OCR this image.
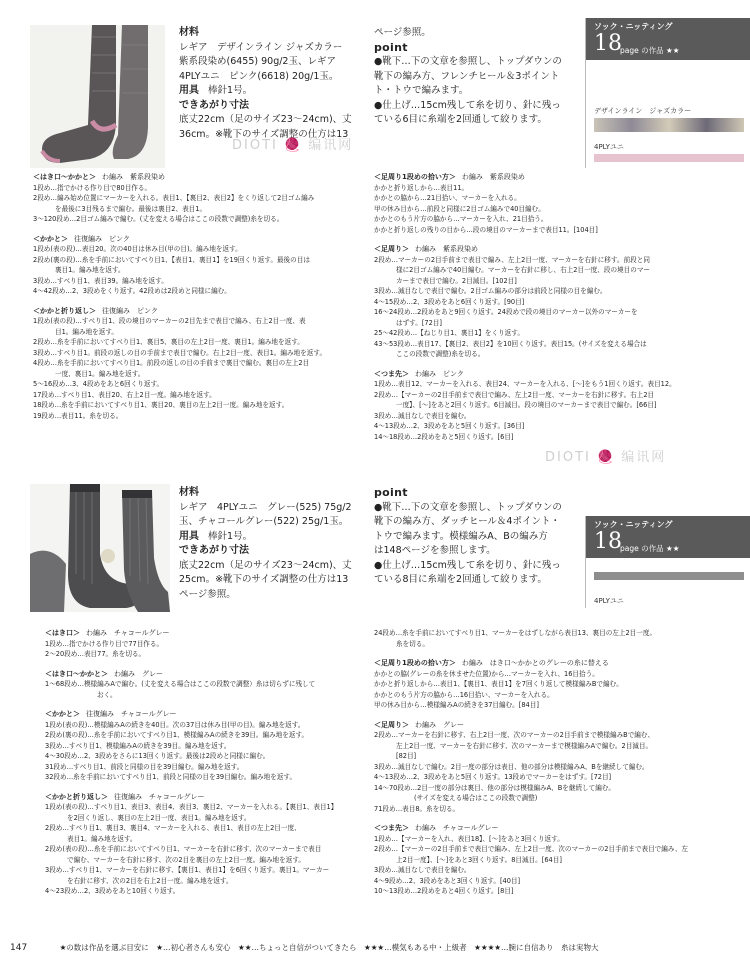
材料
レギア　デザインライン ジャズカラー
紫系段染め(6455) 90g/2玉、レギア
4PLYユニ　ピンク(6618) 20g/1玉。
用具 棒針1号。
できあがり寸法
底丈22cm（足のサイズ23～24cm)、丈
36cm。※靴下のサイズ調整の仕方は13
ページ参照。
point
●靴下…下の文章を参照し、トップダウンの
靴下の編み方、フレンチヒール＆3ポイント
ト・トウで編みます。
●仕上げ…15cm残して糸を切り、針に残っ
ている6目に糸端を2回通して絞ります。
ソック・ニッティング
18
page の作品 ★★
デザインライン　ジャズカラー
4PLYユニ
DIOTI 🧶 编讯网
＜はき口～かかと＞ わ編み　紫系段染め
1段め…指でかける作り目で80目作る。
2段め…編み始め位置にマーカーを入れる。表目1、【裏目2、表目2】をくり返して2目ゴム編み
を最後に3目残るまで編む。最後は裏目2、表目1。
3～120段め…2目ゴム編みで編む。(丈を変える場合はここの段数で調整)糸を切る。
＜かかと＞ 往復編み　ピンク
1段め(表の段)…表目20。次の40目は休み目(甲の目)。編み地を返す。
2段め(裏の段)…糸を手前においてすべり目1、【表目1、裏目1】を19回くり返す。最後の目は
裏目1。編み地を返す。
3段め…すべり目1、表目39。編み地を返す。
4～42段め…2、3段めをくり返す。42段めは2段めと同様に編む。
＜かかと折り返し＞ 往復編み　ピンク
1段め(表の段)…すべり目1、段の境目のマーカーの2目先まで表目で編み、右上2目一度、表
目1。編み地を返す。
2段め…糸を手前においてすべり目1、裏目5、裏目の左上2目一度、裏目1。編み地を返す。
3段め…すべり目1。前段の返しの目の手前まで表目で編む。右上2目一度、表目1。編み地を返す。
4段め…糸を手前においてすべり目1。前段の返しの目の手前まで裏目で編む。裏目の左上2目
一度、裏目1。編み地を返す。
5～16段め…3、4段めをあと6回くり返す。
17段め…すべり目1、表目20、右上2目一度。編み地を返す。
18段め…糸を手前においてすべり目1、裏目20、裏目の左上2目一度。編み地を返す。
19段め…表目11。糸を切る。
＜足周り1段めの拾い方＞ わ編み　紫系段染め
かかと折り返しから…表目11。
かかとの脇から…21目拾い、マーカーを入れる。
甲の休み目から…前段と同様に2目ゴム編みで40目編む。
かかとのもう片方の脇から…マーカーを入れ、21目拾う。
かかと折り返しの残りの目から…段の境目のマーカーまで表目11。[104目]
＜足周り＞ わ編み　紫系段染め
2段め…マーカーの2目手前まで表目で編み、左上2目一度、マーカーを右針に移す。前段と同
様に2目ゴム編みで40目編む。マーカーを右針に移し、右上2目一度、段の境目のマー
カーまで表目で編む。2目減目。[102目]
3段め…減目なしで表目で編む。2目ゴム編みの部分は前段と同様の目を編む。
4～15段め…2、3段めをあと6回くり返す。[90目]
16～24段め…2段めをあと9回くり返す。24段めで段の境目のマーカー以外のマーカーを
はずす。[72目]
25～42段め…【ねじり目1、裏目1】をくり返す。
43～53段め…表目17、【裏目2、表目2】を10回くり返す。表目15。(サイズを変える場合は
ここの段数で調整)糸を切る。
＜つま先＞ わ編み　ピンク
1段め…表目12、マーカーを入れる、表目24、マーカーを入れる、[～]をもう1回くり返す。表目12。
2段め…【マーカーの2目手前まで表目で編み、左上2目一度、マーカーを右針に移す。右上2目
一度】、[～]をあと2回くり返す。6目減目。段の境目のマーカーまで表目で編む。[66目]
3段め…減目なしで表目を編む。
4～13段め…2、3段めをあと5回くり返す。[36目]
14～18段め…2段めをあと5回くり返す。[6目]
DIOTI 🧶 编讯网
材料
レギア　4PLYユニ　グレー(525) 75g/2
玉、チャコールグレー(522) 25g/1玉。
用具 棒針1号。
できあがり寸法
底丈22cm（足のサイズ23～24cm)、丈
25cm。※靴下のサイズ調整の仕方は13
ページ参照。
point
●靴下…下の文章を参照し、トップダウンの
靴下の編み方、ダッチヒール＆4ポイント・
トウで編みます。模様編みA、Bの編み方
は148ページを参照します。
●仕上げ…15cm残して糸を切り、針に残っ
ている8目に糸端を2回通して絞ります。
ソック・ニッティング
18
page の作品 ★★
4PLYユニ
＜はき口＞ わ編み　チャコールグレー
1段め…指でかける作り目で77目作る。
2～20段め…表目77。糸を切る。
＜はき口～かかと＞ わ編み　グレー
1～68段め…模様編みAで編む。(丈を変える場合はここの段数で調整）糸は切らずに残して
おく。
＜かかと＞ 往復編み　チャコールグレー
1段め(表の段)…模様編みAの続きを40目。次の37目は休み目(甲の目)。編み地を返す。
2段め(裏の段)…糸を手前においてすべり目1、模様編みAの続きを39目。編み地を返す。
3段め…すべり目1、模様編みAの続きを39目。編み地を返す。
4～30段め…2、3段めをさらに13回くり返す。最後は2段めと同様に編む。
31段め…すべり目1、前段と同様の目を39目編む。編み地を返す。
32段め…糸を手前においてすべり目1、前段と同様の目を39目編む。編み地を返す。
＜かかと折り返し＞ 往復編み　チャコールグレー
1段め(表の段)…すべり目1、表目3、表目4、表目3、裏目2、マーカーを入れる。【裏目1、表目1】
を2回くり返し、裏目の左上2目一度、表目1。編み地を返す。
2段め…すべり目1、裏目3、裏目4、マーカーを入れる、表目1、表目の左上2目一度、
表目1。編み地を返す。
2段め(表の段)…糸を手前においてすべり目1、マーカーを右針に移す、次のマーカーまで表目
で編む、マーカーを右針に移す、次の2目を裏目の左上2目一度。編み地を返す。
3段め…すべり目1、マーカーを右針に移す、【裏目1、表目1】を6回くり返す。裏目1。マーカー
を右針に移す、次の2目を右上2目一度。編み地を返す。
4～23段め…2、3段めをあと10回くり返す。
24段め…糸を手前においてすべり目1、マーカーをはずしながら表目13、裏目の左上2目一度。
糸を切る。
＜足周り1段めの拾い方＞ わ編み　はき口～かかとのグレーの糸に替える
かかとの脇(グレーの糸を休ませた位置)から…マーカーを入れ、16目拾う。
かかと折り返しから…表目1、【裏目1、表目1】を7回くり返して模様編みBで編む。
かかとのもう片方の脇から…16目拾い、マーカーを入れる。
甲の休み目から…模様編みAの続きを37目編む。[84目]
＜足周り＞ わ編み　グレー
2段め…マーカーを右針に移す、右上2目一度、次のマーカーの2目手前まで模様編みBで編む、
左上2目一度、マーカーを右針に移す、次のマーカーまで模様編みAで編む。2目減目。
[82目]
3段め…減目なしで編む。2目一度の部分は表目、他の部分は模様編みA、Bを継続して編む。
4～13段め…2、3段めをあと5回くり返す。13段めでマーカーをはずす。[72目]
14～70段め…2目一度の部分は裏目、他の部分は模様編みA、Bを継続して編む。
(サイズを変える場合はここの段数で調整)
71段め…表目8。糸を切る。
＜つま先＞ わ編み　チャコールグレー
1段め…【マーカーを入れ、表目18】、[～]をあと3回くり返す。
2段め…【マーカーの2目手前まで表目で編み、左上2目一度、次のマーカーの2目手前まで表目で編み、左
上2目一度】、[～]をあと3回くり返す。8目減目。[64目]
3段め…減目なしで表目を編む。
4～9段め…2、3段めをあと3回くり返す。[40目]
10～13段め…2段めをあと4回くり返す。[8目]
147	★の数は作品を選ぶ目安に　★…初心者さんも安心　★★…ちょっと自信がついてきたら　★★★…模気もある中・上級者　★★★★…腕に自信あり　糸は実物大
